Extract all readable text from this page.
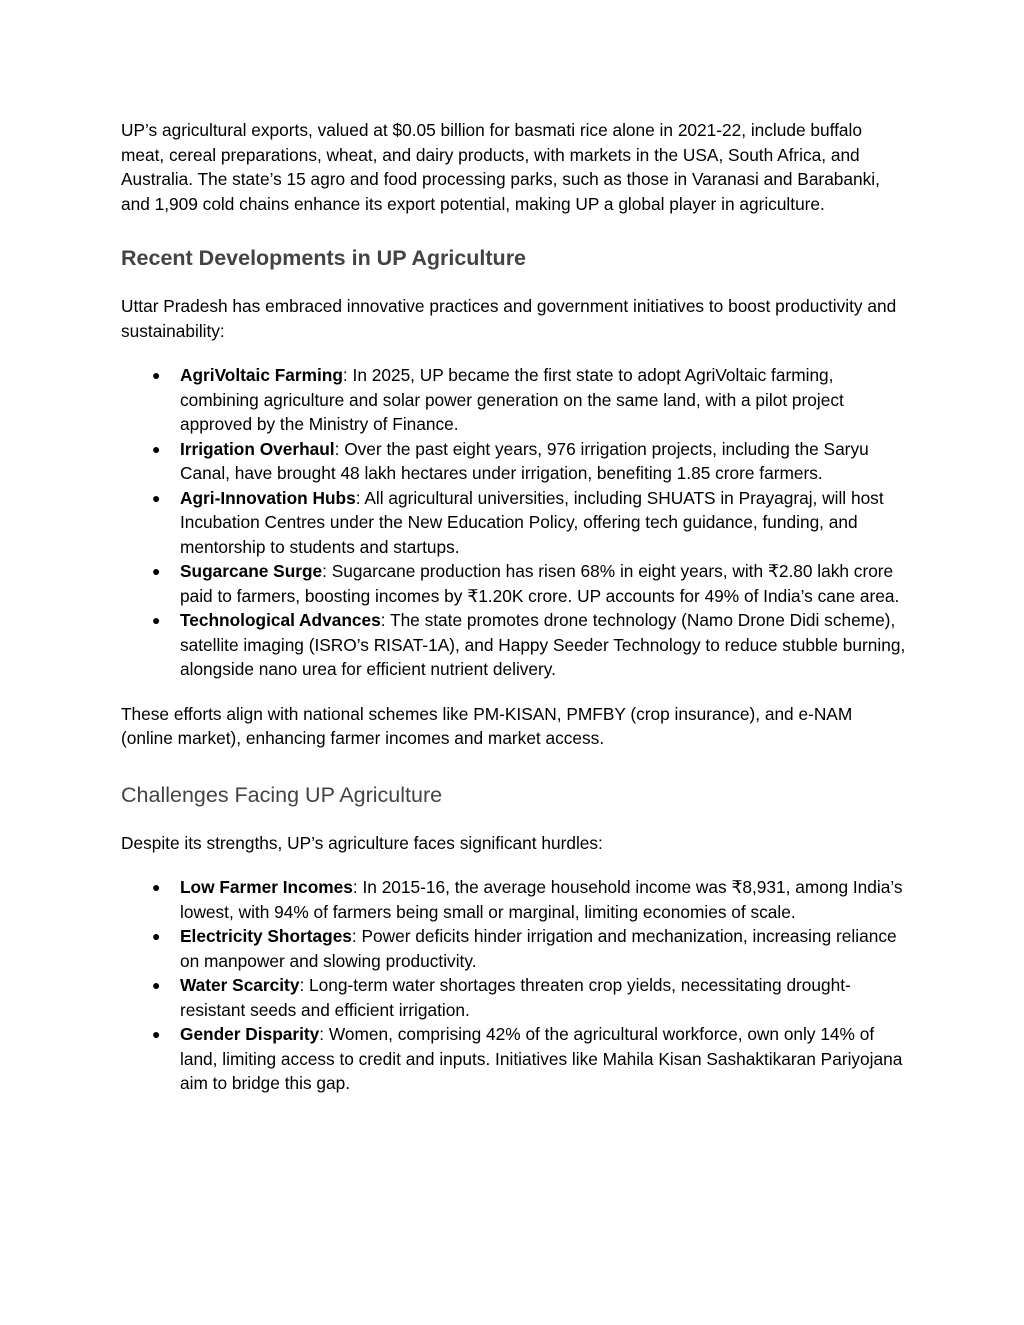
UP’s agricultural exports, valued at $0.05 billion for basmati rice alone in 2021-22, include buffalo meat, cereal preparations, wheat, and dairy products, with markets in the USA, South Africa, and Australia. The state’s 15 agro and food processing parks, such as those in Varanasi and Barabanki, and 1,909 cold chains enhance its export potential, making UP a global player in agriculture.

Recent Developments in UP Agriculture

Uttar Pradesh has embraced innovative practices and government initiatives to boost productivity and sustainability:

● AgriVoltaic Farming: In 2025, UP became the first state to adopt AgriVoltaic farming, combining agriculture and solar power generation on the same land, with a pilot project approved by the Ministry of Finance.
● Irrigation Overhaul: Over the past eight years, 976 irrigation projects, including the Saryu Canal, have brought 48 lakh hectares under irrigation, benefiting 1.85 crore farmers.
● Agri-Innovation Hubs: All agricultural universities, including SHUATS in Prayagraj, will host Incubation Centres under the New Education Policy, offering tech guidance, funding, and mentorship to students and startups.
● Sugarcane Surge: Sugarcane production has risen 68% in eight years, with ₹2.80 lakh crore paid to farmers, boosting incomes by ₹1.20K crore. UP accounts for 49% of India’s cane area.
● Technological Advances: The state promotes drone technology (Namo Drone Didi scheme), satellite imaging (ISRO’s RISAT-1A), and Happy Seeder Technology to reduce stubble burning, alongside nano urea for efficient nutrient delivery.

These efforts align with national schemes like PM-KISAN, PMFBY (crop insurance), and e-NAM (online market), enhancing farmer incomes and market access.

Challenges Facing UP Agriculture

Despite its strengths, UP’s agriculture faces significant hurdles:

● Low Farmer Incomes: In 2015-16, the average household income was ₹8,931, among India’s lowest, with 94% of farmers being small or marginal, limiting economies of scale.
● Electricity Shortages: Power deficits hinder irrigation and mechanization, increasing reliance on manpower and slowing productivity.
● Water Scarcity: Long-term water shortages threaten crop yields, necessitating drought-resistant seeds and efficient irrigation.
● Gender Disparity: Women, comprising 42% of the agricultural workforce, own only 14% of land, limiting access to credit and inputs. Initiatives like Mahila Kisan Sashaktikaran Pariyojana aim to bridge this gap.
